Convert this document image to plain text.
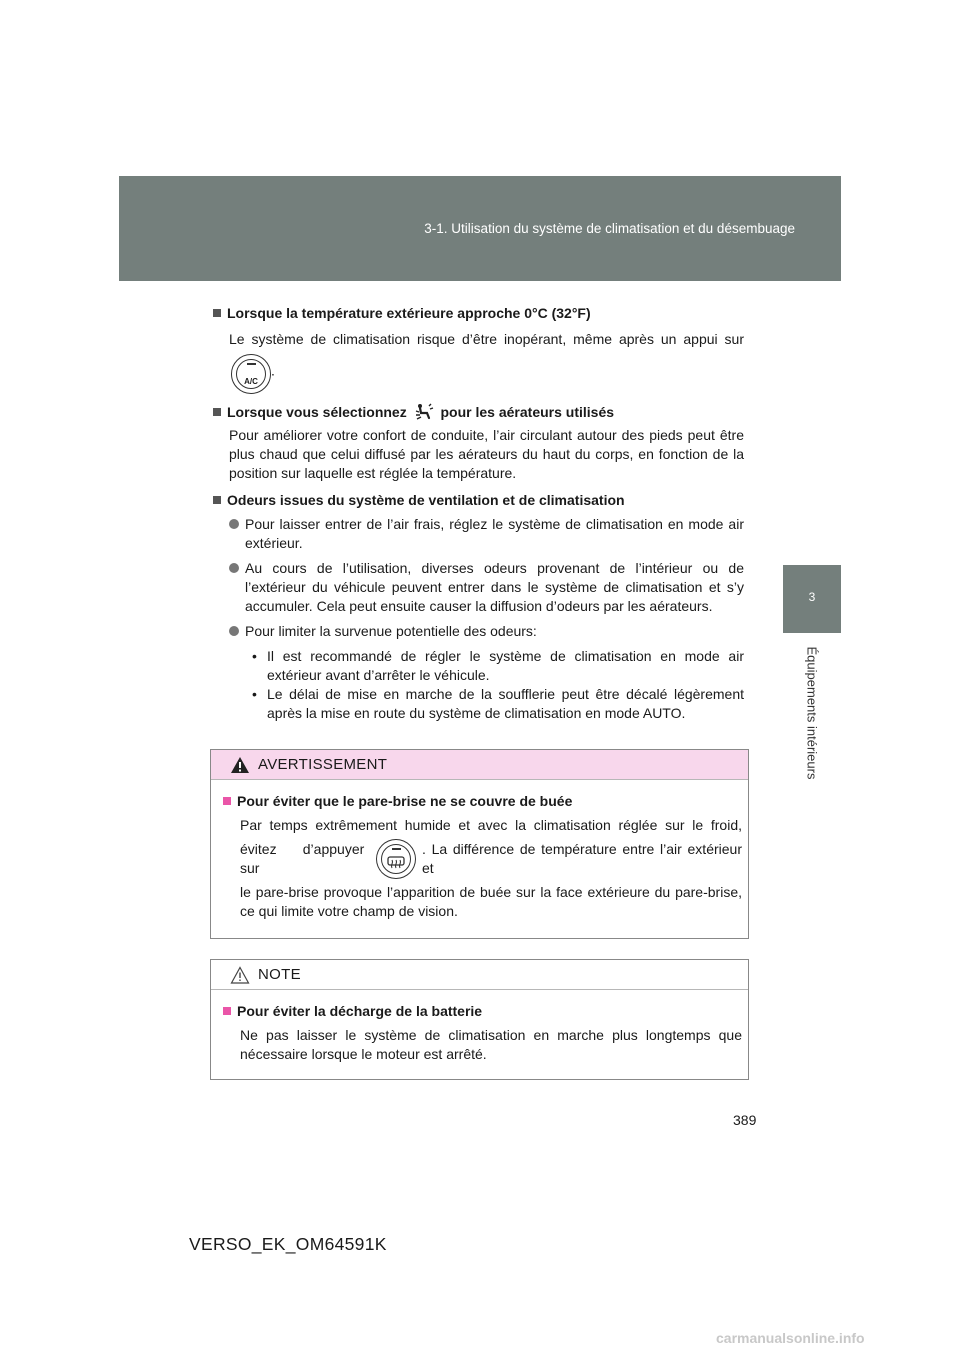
3-1. Utilisation du système de climatisation et du désembuage
3
Équipements intérieurs
Lorsque la température extérieure approche 0°C (32°F)
Le système de climatisation risque d’être inopérant, même après un appui sur
A/C
.
Lorsque vous sélectionnez pour les aérateurs utilisés
Pour améliorer votre confort de conduite, l’air circulant autour des pieds peut être plus chaud que celui diffusé par les aérateurs du haut du corps, en fonction de la position sur laquelle est réglée la température.
Odeurs issues du système de ventilation et de climatisation
Pour laisser entrer de l’air frais, réglez le système de climatisation en mode air extérieur.
Au cours de l’utilisation, diverses odeurs provenant de l’intérieur ou de l’extérieur du véhicule peuvent entrer dans le système de climatisation et s’y accumuler. Cela peut ensuite causer la diffusion d’odeurs par les aérateurs.
Pour limiter la survenue potentielle des odeurs:
• Il est recommandé de régler le système de climatisation en mode air extérieur avant d’arrêter le véhicule.
• Le délai de mise en marche de la soufflerie peut être décalé légèrement après la mise en route du système de climatisation en mode AUTO.
AVERTISSEMENT
Pour éviter que le pare-brise ne se couvre de buée
Par temps extrêmement humide et avec la climatisation réglée sur le froid,
évitez d’appuyer sur
. La différence de température entre l’air extérieur et
le pare-brise provoque l’apparition de buée sur la face extérieure du pare-brise, ce qui limite votre champ de vision.
NOTE
Pour éviter la décharge de la batterie
Ne pas laisser le système de climatisation en marche plus longtemps que nécessaire lorsque le moteur est arrêté.
389
VERSO_EK_OM64591K
carmanualsonline.info
